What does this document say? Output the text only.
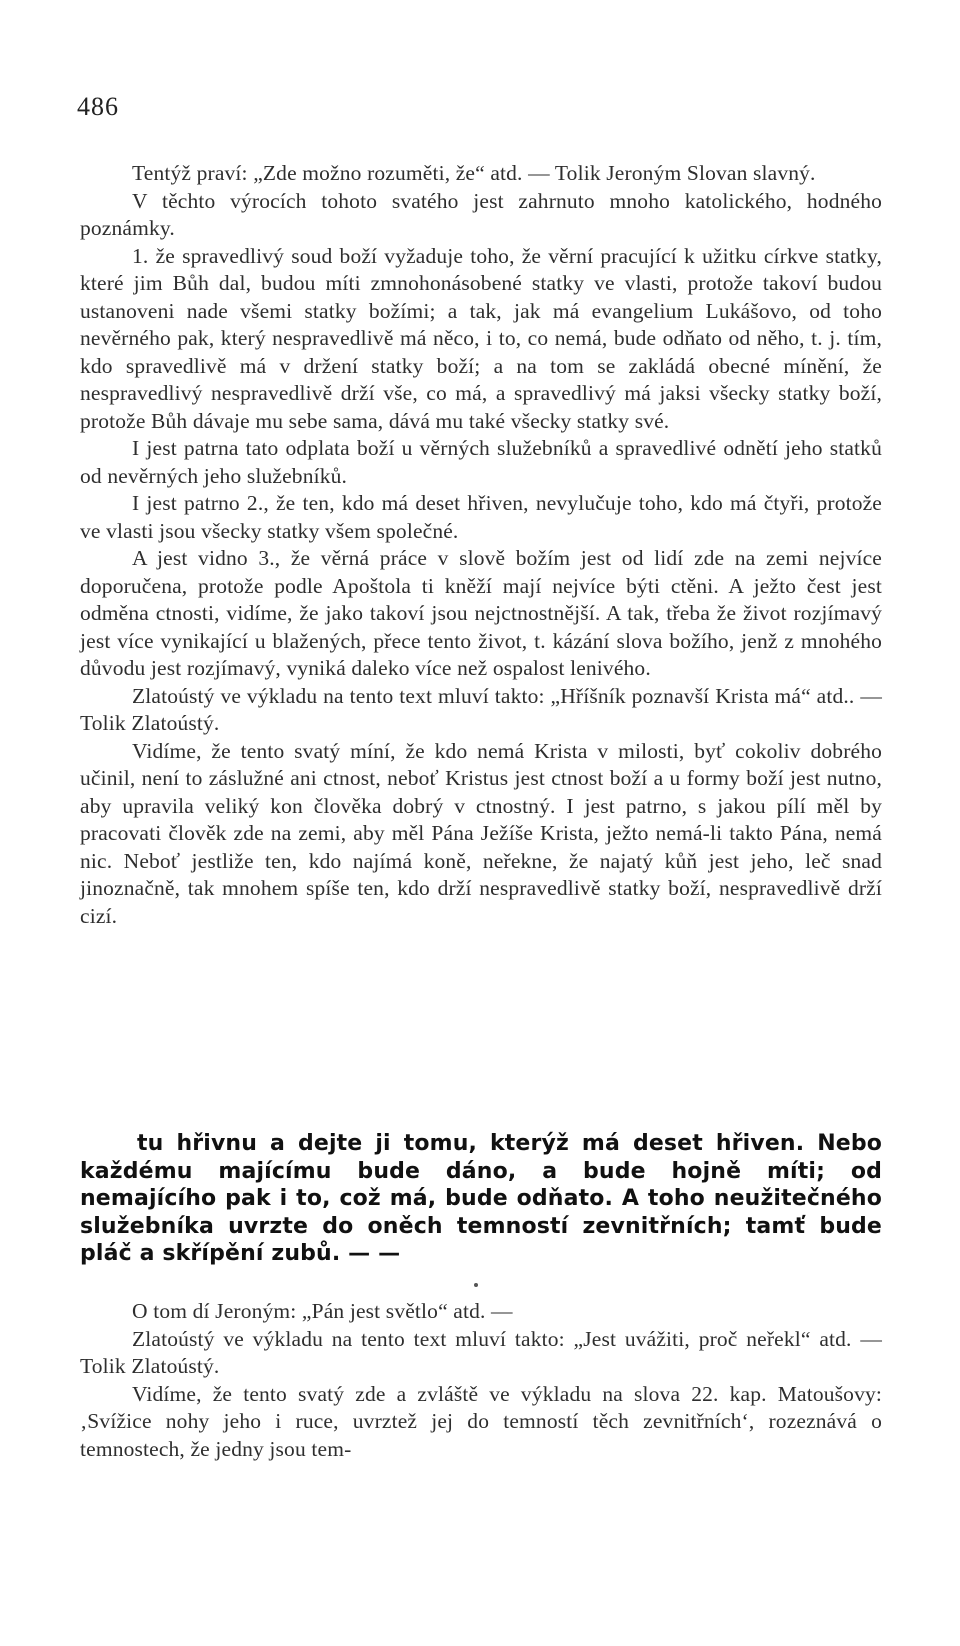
486

Tentýž praví: „Zde možno rozuměti, že“ atd. — Tolik Jeroným Slovan slavný.

V těchto výrocích tohoto svatého jest zahrnuto mnoho katolického, hodného poznámky.

1. že spravedlivý soud boží vyžaduje toho, že věrní pracující k užitku církve statky, které jim Bůh dal, budou míti zmnohonásobené statky ve vlasti, protože takoví budou ustanoveni nade všemi statky božími; a tak, jak má evangelium Lukášovo, od toho nevěrného pak, který nespravedlivě má něco, i to, co nemá, bude odňato od něho, t. j. tím, kdo spravedlivě má v držení statky boží; a na tom se zakládá obecné mínění, že nespravedlivý nespravedlivě drží vše, co má, a spravedlivý má jaksi všecky statky boží, protože Bůh dávaje mu sebe sama, dává mu také všecky statky své.

I jest patrna tato odplata boží u věrných služebníků a spravedlivé odnětí jeho statků od nevěrných jeho služebníků.

I jest patrno 2., že ten, kdo má deset hřiven, nevylučuje toho, kdo má čtyři, protože ve vlasti jsou všecky statky všem společné.

A jest vidno 3., že věrná práce v slově božím jest od lidí zde na zemi nejvíce doporučena, protože podle Apoštola ti kněží mají nejvíce býti ctěni. A ježto čest jest odměna ctnosti, vidíme, že jako takoví jsou nejctnostnější. A tak, třeba že život rozjímavý jest více vynikající u blažených, přece tento život, t. kázání slova božího, jenž z mnohého důvodu jest rozjímavý, vyniká daleko více než ospalost lenivého.

Zlatoústý ve výkladu na tento text mluví takto: „Hříšník poznavší Krista má“ atd.. — Tolik Zlatoústý.

Vidíme, že tento svatý míní, že kdo nemá Krista v milosti, byť cokoliv dobrého učinil, není to záslužné ani ctnost, neboť Kristus jest ctnost boží a u formy boží jest nutno, aby upravila veliký kon člověka dobrý v ctnostný. I jest patrno, s jakou pílí měl by pracovati člověk zde na zemi, aby měl Pána Ježíše Krista, ježto nemá-li takto Pána, nemá nic. Neboť jestliže ten, kdo najímá koně, neřekne, že najatý kůň jest jeho, leč snad jinoznačně, tak mnohem spíše ten, kdo drží nespravedlivě statky boží, nespravedlivě drží cizí.

tu hřivnu a dejte ji tomu, kterýž má deset hřiven. Nebo každému majícímu bude dáno, a bude hojně míti; od nemajícího pak i to, což má, bude odňato. A toho neužitečného služebníka uvrzte do oněch temností zevnitřních; tamť bude pláč a skřípění zubů. — —

O tom dí Jeroným: „Pán jest světlo“ atd. —

Zlatoústý ve výkladu na tento text mluví takto: „Jest uvážiti, proč neřekl“ atd. — Tolik Zlatoústý.

Vidíme, že tento svatý zde a zvláště ve výkladu na slova 22. kap. Matoušovy: ‚Svížice nohy jeho i ruce, uvrztež jej do temností těch zevnitřních‘, rozeznává o temnostech, že jedny jsou tem-
